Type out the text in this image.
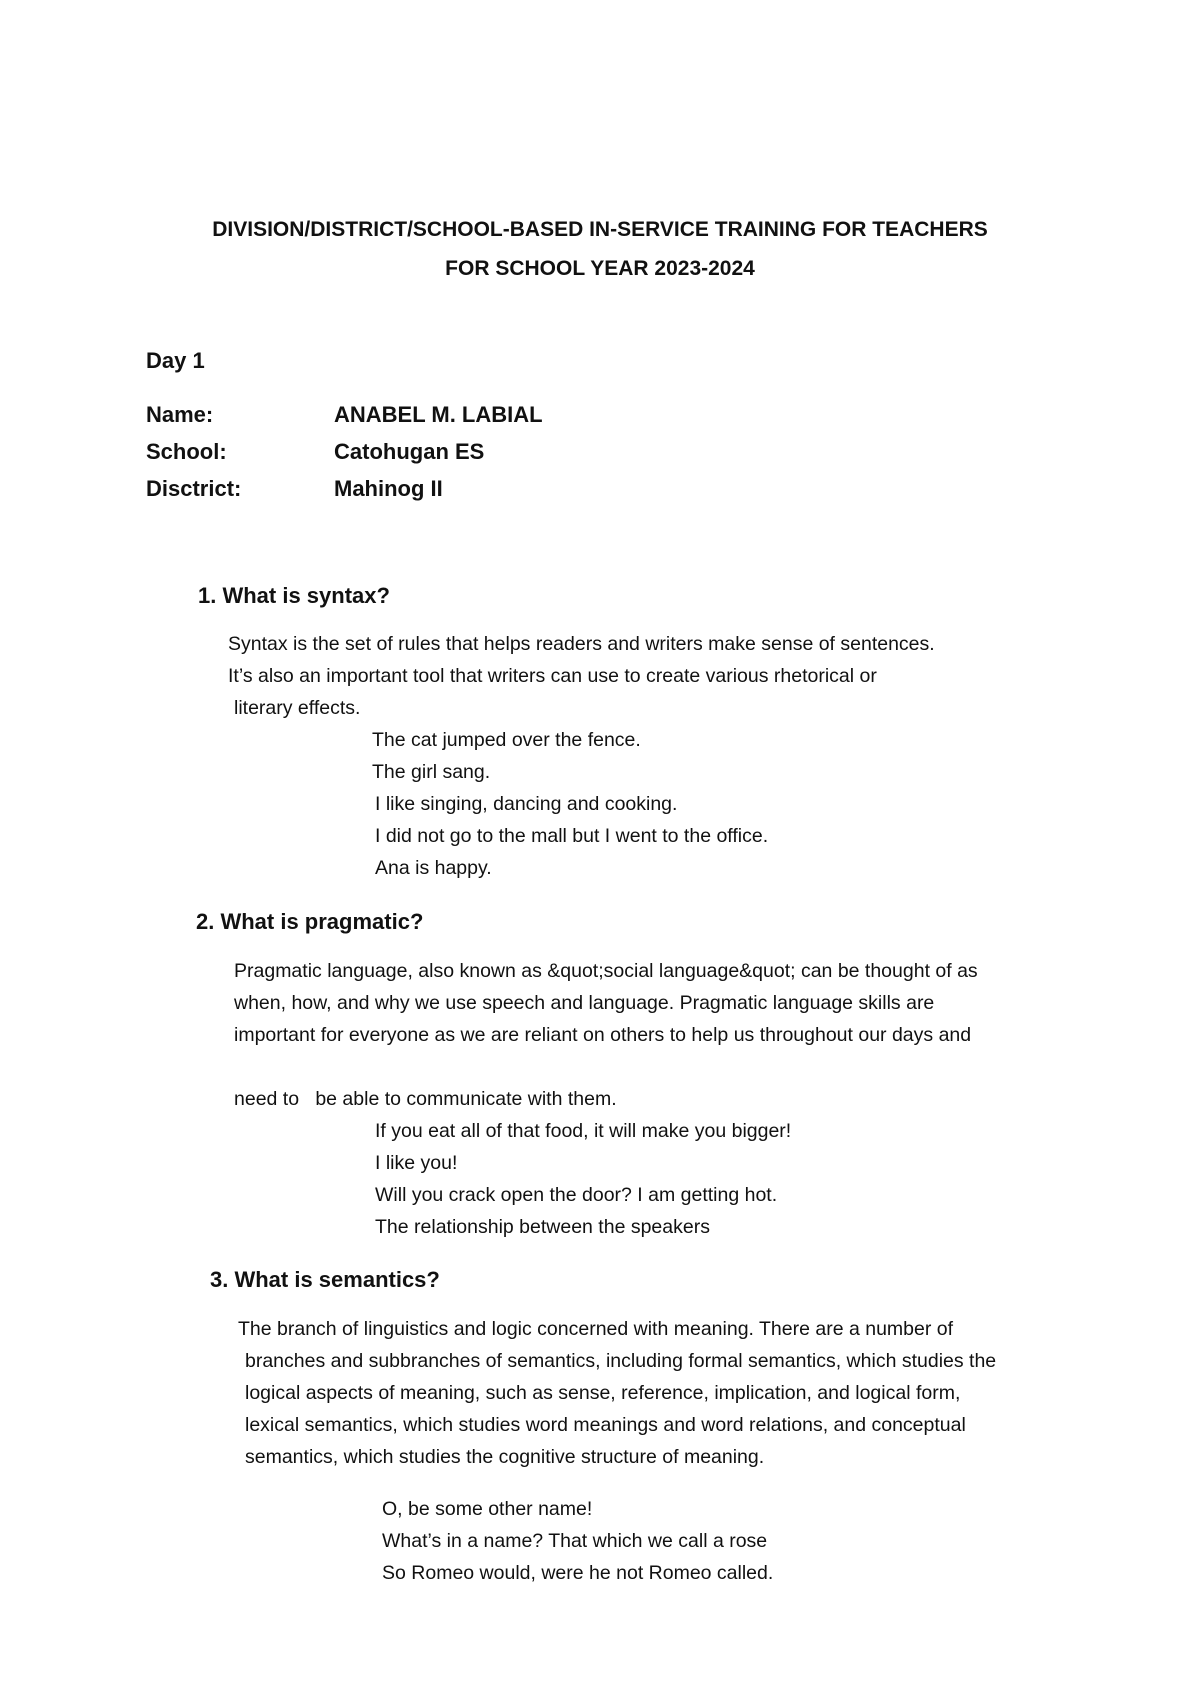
DIVISION/DISTRICT/SCHOOL-BASED IN-SERVICE TRAINING FOR TEACHERS
FOR SCHOOL YEAR 2023-2024
Day 1
Name:	ANABEL M. LABIAL
School:	Catohugan ES
Disctrict:	Mahinog II
1. What is syntax?
Syntax is the set of rules that helps readers and writers make sense of sentences.
It’s also an important tool that writers can use to create various rhetorical or
literary effects.
The cat jumped over the fence.
The girl sang.
I like singing, dancing and cooking.
I did not go to the mall but I went to the office.
Ana is happy.
2. What is pragmatic?
Pragmatic language, also known as &quot;social language&quot; can be thought of as
when, how, and why we use speech and language. Pragmatic language skills are
important for everyone as we are reliant on others to help us throughout our days and
need to   be able to communicate with them.
If you eat all of that food, it will make you bigger!
I like you!
Will you crack open the door? I am getting hot.
The relationship between the speakers
3. What is semantics?
The branch of linguistics and logic concerned with meaning. There are a number of
branches and subbranches of semantics, including formal semantics, which studies the
logical aspects of meaning, such as sense, reference, implication, and logical form,
lexical semantics, which studies word meanings and word relations, and conceptual
semantics, which studies the cognitive structure of meaning.
O, be some other name!
What’s in a name? That which we call a rose
So Romeo would, were he not Romeo called.
